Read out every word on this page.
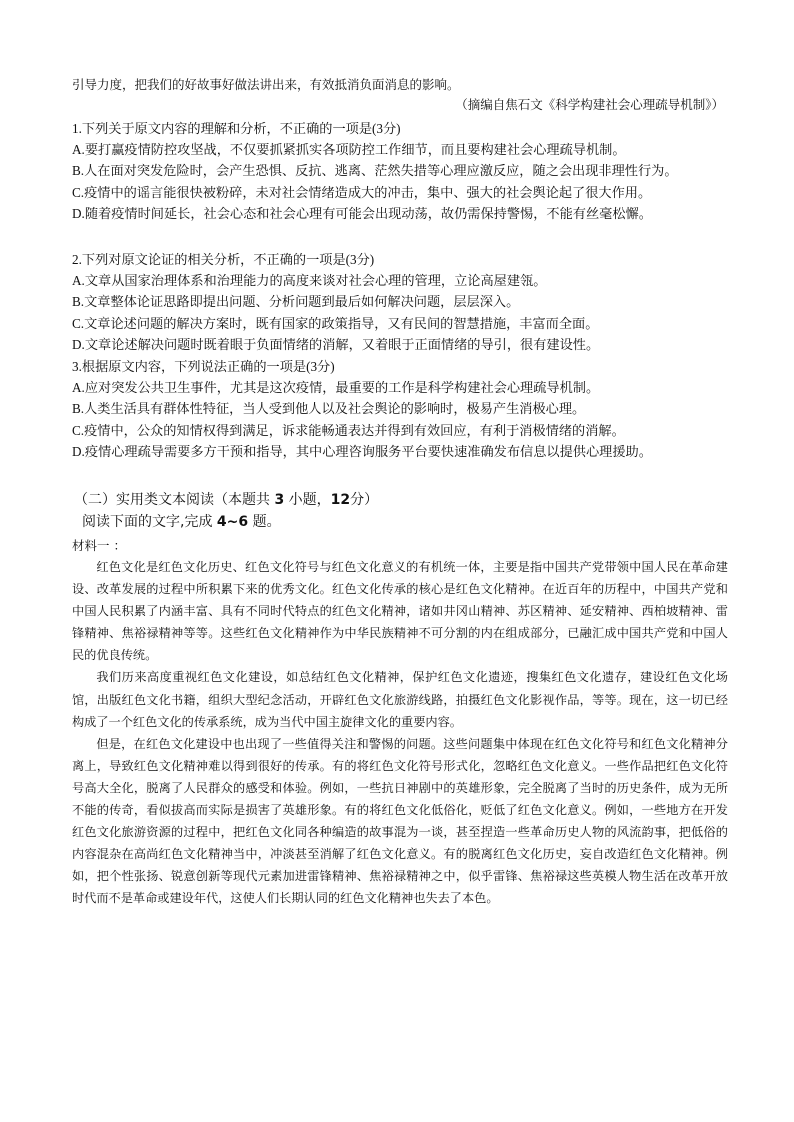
引导力度，把我们的好故事好做法讲出来，有效抵消负面消息的影响。
（摘编自焦石文《科学构建社会心理疏导机制》）
1.下列关于原文内容的理解和分析，不正确的一项是(3分)
A.要打赢疫情防控攻坚战，不仅要抓紧抓实各项防控工作细节，而且要构建社会心理疏导机制。
B.人在面对突发危险时，会产生恐惧、反抗、逃离、茫然失措等心理应激反应，随之会出现非理性行为。
C.疫情中的谣言能很快被粉碎，未对社会情绪造成大的冲击，集中、强大的社会舆论起了很大作用。
D.随着疫情时间延长，社会心态和社会心理有可能会出现动荡，故仍需保持警惕，不能有丝毫松懈。
2.下列对原文论证的相关分析，不正确的一项是(3分)
A.文章从国家治理体系和治理能力的高度来谈对社会心理的管理，立论高屋建瓴。
B.文章整体论证思路即提出问题、分析问题到最后如何解决问题，层层深入。
C.文章论述问题的解决方案时，既有国家的政策指导，又有民间的智慧措施，丰富而全面。
D.文章论述解决问题时既着眼于负面情绪的消解，又着眼于正面情绪的导引，很有建设性。
3.根据原文内容，下列说法正确的一项是(3分)
A.应对突发公共卫生事件，尤其是这次疫情，最重要的工作是科学构建社会心理疏导机制。
B.人类生活具有群体性特征，当人受到他人以及社会舆论的影响时，极易产生消极心理。
C.疫情中，公众的知情权得到满足，诉求能畅通表达并得到有效回应，有利于消极情绪的消解。
D.疫情心理疏导需要多方干预和指导，其中心理咨询服务平台要快速准确发布信息以提供心理援助。
（二）实用类文本阅读（本题共 3 小题，12分）
阅读下面的文字,完成 4~6 题。
材料一 ：

红色文化是红色文化历史、红色文化符号与红色文化意义的有机统一体，主要是指中国共产党带领中国人民在革命建设、改革发展的过程中所积累下来的优秀文化。红色文化传承的核心是红色文化精神。在近百年的历程中，中国共产党和中国人民积累了内涵丰富、具有不同时代特点的红色文化精神，诸如井冈山精神、苏区精神、延安精神、西柏坡精神、雷锋精神、焦裕禄精神等等。这些红色文化精神作为中华民族精神不可分割的内在组成部分，已融汇成中国共产党和中国人民的优良传统。

我们历来高度重视红色文化建设，如总结红色文化精神，保护红色文化遗迹，搜集红色文化遗存，建设红色文化场馆，出版红色文化书籍，组织大型纪念活动，开辟红色文化旅游线路，拍摄红色文化影视作品，等等。现在，这一切已经构成了一个红色文化的传承系统，成为当代中国主旋律文化的重要内容。

但是，在红色文化建设中也出现了一些值得关注和警惕的问题。这些问题集中体现在红色文化符号和红色文化精神分离上，导致红色文化精神难以得到很好的传承。有的将红色文化符号形式化，忽略红色文化意义。一些作品把红色文化符号高大全化，脱离了人民群众的感受和体验。例如，一些抗日神剧中的英雄形象，完全脱离了当时的历史条件，成为无所不能的传奇，看似拔高而实际是损害了英雄形象。有的将红色文化低俗化，贬低了红色文化意义。例如，一些地方在开发红色文化旅游资源的过程中，把红色文化同各种编造的故事混为一谈，甚至捏造一些革命历史人物的风流韵事，把低俗的内容混杂在高尚红色文化精神当中，冲淡甚至消解了红色文化意义。有的脱离红色文化历史，妄自改造红色文化精神。例如，把个性张扬、锐意创新等现代元素加进雷锋精神、焦裕禄精神之中，似乎雷锋、焦裕禄这些英模人物生活在改革开放时代而不是革命或建设年代，这使人们长期认同的红色文化精神也失去了本色。
